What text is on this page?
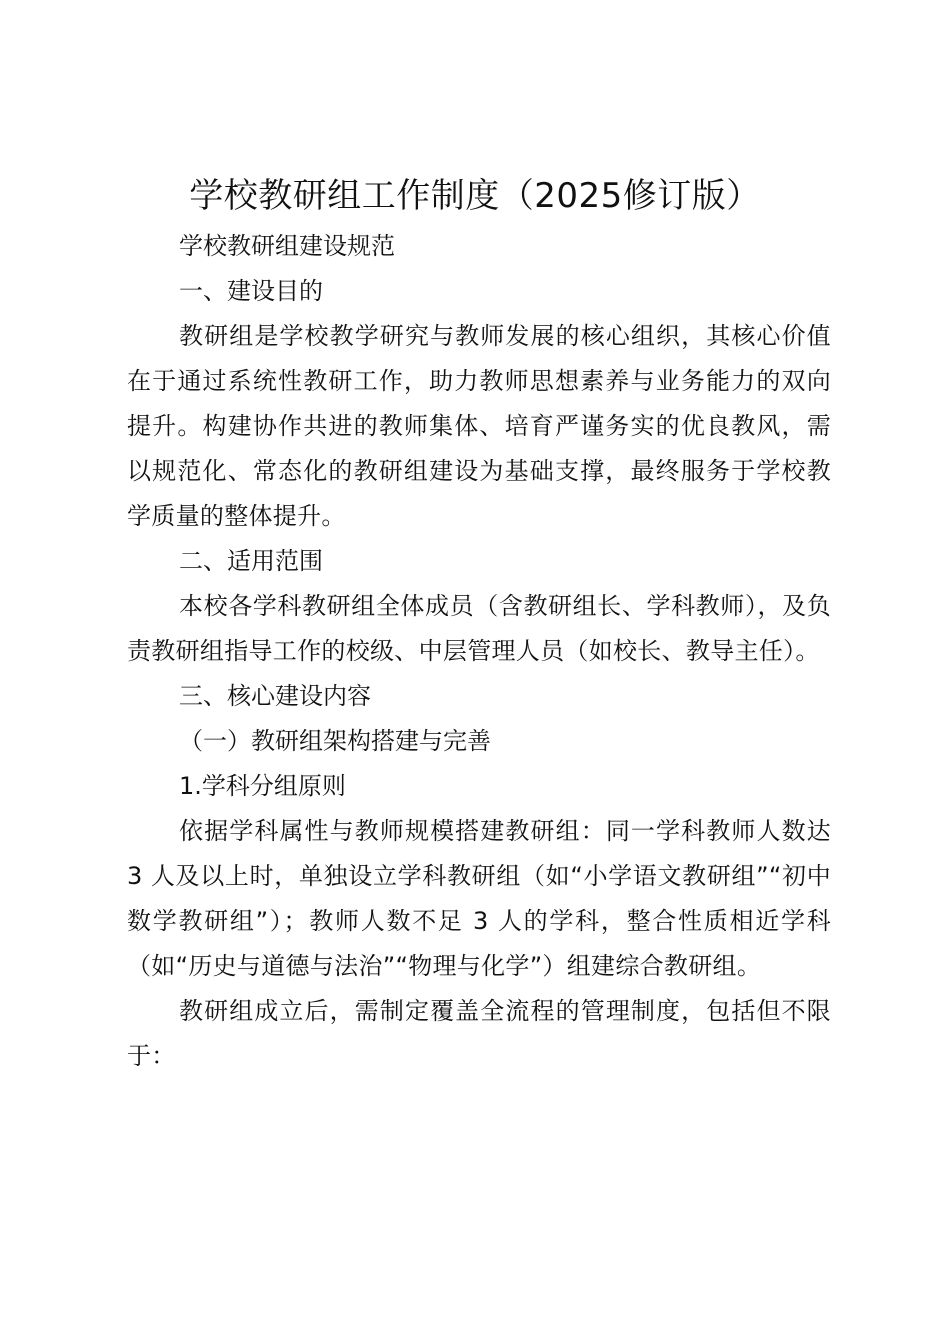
学校教研组工作制度（2025修订版）

学校教研组建设规范

一、建设目的

教研组是学校教学研究与教师发展的核心组织，其核心价值在于通过系统性教研工作，助力教师思想素养与业务能力的双向提升。构建协作共进的教师集体、培育严谨务实的优良教风，需以规范化、常态化的教研组建设为基础支撑，最终服务于学校教学质量的整体提升。

二、适用范围

本校各学科教研组全体成员（含教研组长、学科教师），及负责教研组指导工作的校级、中层管理人员（如校长、教导主任）。

三、核心建设内容

（一）教研组架构搭建与完善

1.学科分组原则

依据学科属性与教师规模搭建教研组：同一学科教师人数达 3 人及以上时，单独设立学科教研组（如“小学语文教研组”“初中数学教研组”）；教师人数不足 3 人的学科，整合性质相近学科（如“历史与道德与法治”“物理与化学”）组建综合教研组。

教研组成立后，需制定覆盖全流程的管理制度，包括但不限于：
